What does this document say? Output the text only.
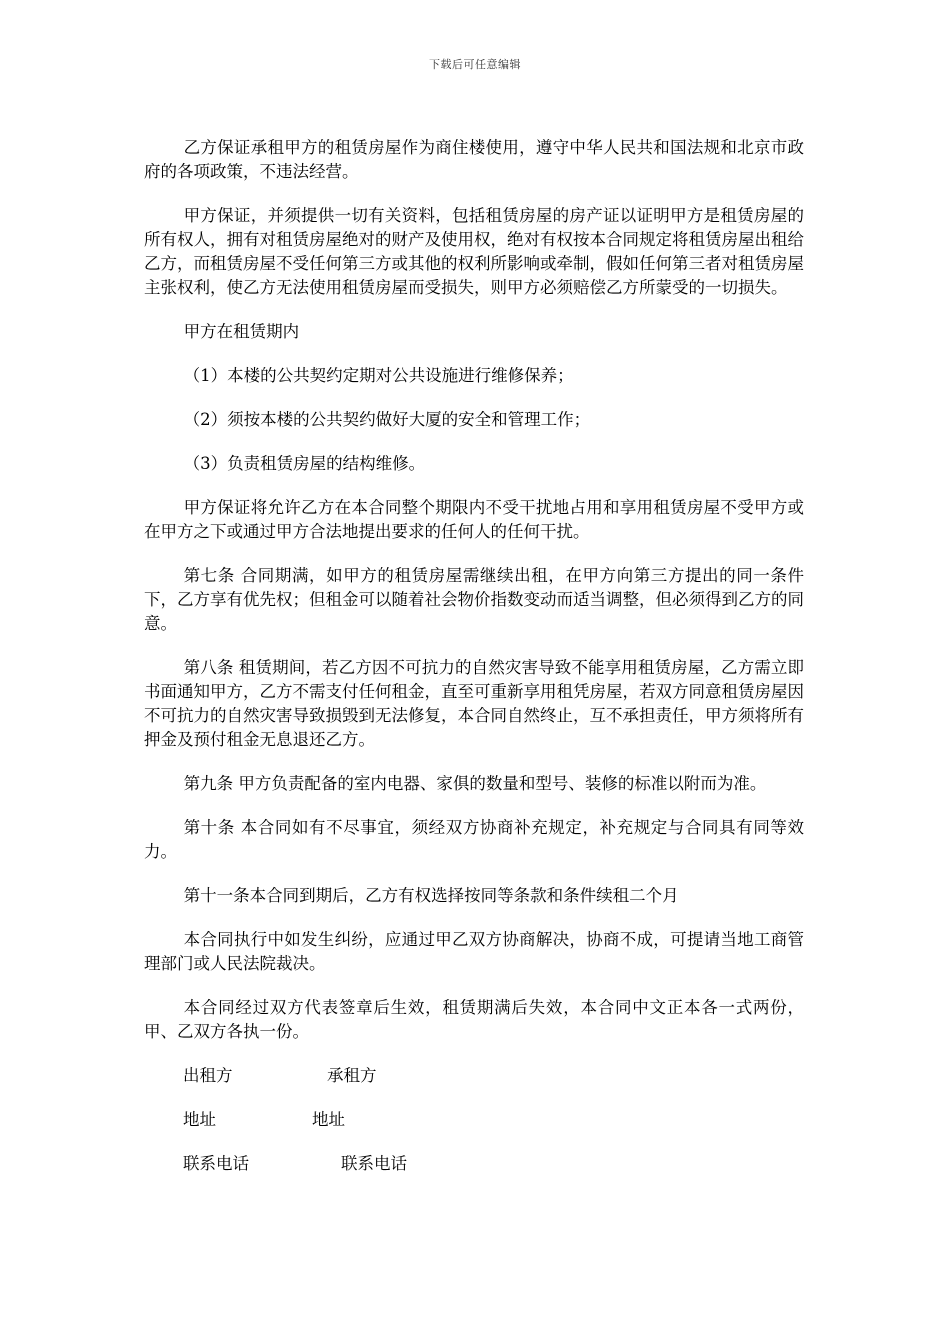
下载后可任意编辑

乙方保证承租甲方的租赁房屋作为商住楼使用，遵守中华人民共和国法规和北京市政府的各项政策，不违法经营。

甲方保证，并须提供一切有关资料，包括租赁房屋的房产证以证明甲方是租赁房屋的所有权人，拥有对租赁房屋绝对的财产及使用权，绝对有权按本合同规定将租赁房屋出租给乙方，而租赁房屋不受任何第三方或其他的权利所影响或牵制，假如任何第三者对租赁房屋主张权利，使乙方无法使用租赁房屋而受损失，则甲方必须赔偿乙方所蒙受的一切损失。

甲方在租赁期内

（1）本楼的公共契约定期对公共设施进行维修保养；

（2）须按本楼的公共契约做好大厦的安全和管理工作；

（3）负责租赁房屋的结构维修。

甲方保证将允许乙方在本合同整个期限内不受干扰地占用和享用租赁房屋不受甲方或在甲方之下或通过甲方合法地提出要求的任何人的任何干扰。

第七条 合同期满，如甲方的租赁房屋需继续出租，在甲方向第三方提出的同一条件下，乙方享有优先权；但租金可以随着社会物价指数变动而适当调整，但必须得到乙方的同意。

第八条 租赁期间，若乙方因不可抗力的自然灾害导致不能享用租赁房屋，乙方需立即书面通知甲方，乙方不需支付任何租金，直至可重新享用租凭房屋，若双方同意租赁房屋因不可抗力的自然灾害导致损毁到无法修复，本合同自然终止，互不承担责任，甲方须将所有押金及预付租金无息退还乙方。

第九条 甲方负责配备的室内电器、家俱的数量和型号、装修的标准以附而为准。

第十条 本合同如有不尽事宜，须经双方协商补充规定，补充规定与合同具有同等效力。

第十一条本合同到期后，乙方有权选择按同等条款和条件续租二个月

本合同执行中如发生纠纷，应通过甲乙双方协商解决，协商不成，可提请当地工商管理部门或人民法院裁决。

本合同经过双方代表签章后生效，租赁期满后失效，本合同中文正本各一式两份，甲、乙双方各执一份。

出租方	承租方
地址	地址
联系电话	联系电话
